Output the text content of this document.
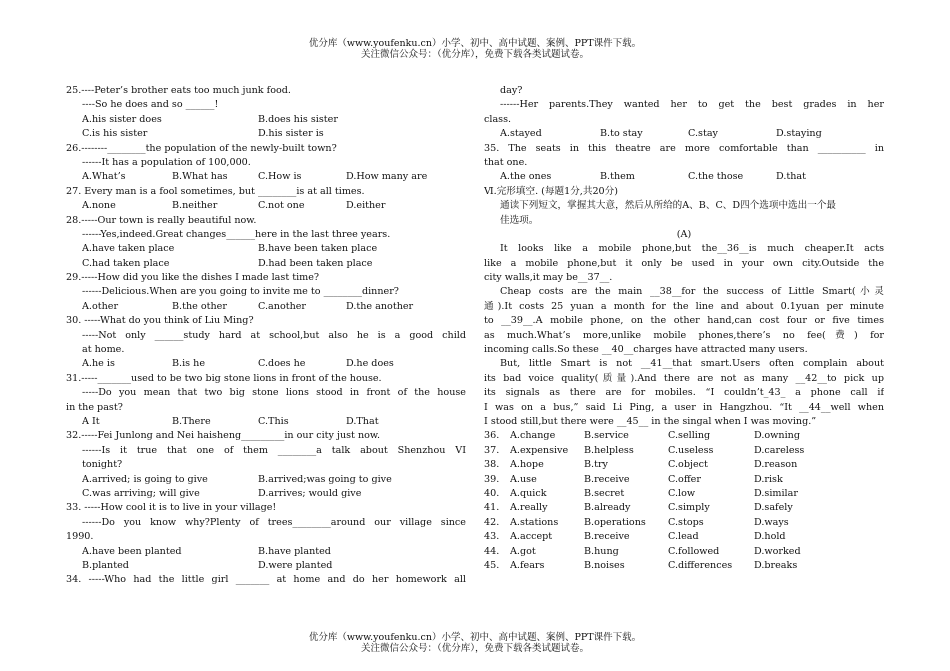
优分库（www.youfenku.cn）小学、初中、高中试题、案例、PPT课件下载。
关注微信公众号：（优分库），免费下载各类试题试卷。
25.----Peter’s brother eats too much junk food.
----So he does and so ______!
A.his sister does	B.does his sister
C.is his sister	D.his sister is
26.--------________the population of the newly-built town?
------It has a population of 100,000.
A.What’s	B.What has	C.How is	D.How many are
27. Every man is a fool sometimes, but ________is at all times.
A.none	B.neither	C.not one	D.either
28.-----Our town is really beautiful now.
------Yes,indeed.Great changes______here in the last three years.
A.have taken place	B.have been taken place
C.had taken place	D.had been taken place
29.-----How did you like the dishes I made last time?
------Delicious.When are you going to invite me to ________dinner?
A.other	B.the other	C.another	D.the another
30. -----What do you think of Liu Ming?
-----Not only ______study hard at school,but also he is a good child
at home.
A.he is	B.is he	C.does he	D.he does
31.-----_______used to be two big stone lions in front of the house.
-----Do you mean that two big stone lions stood in front of the house
in the past?
A It	B.There	C.This	D.That
32.-----Fei Junlong and Nei haisheng_________in our city just now.
------Is it true that one of them ________a talk about Shenzhou VI
tonight?
A.arrived; is going to give	B.arrived;was going to give
C.was arriving; will give	D.arrives; would give
33. -----How cool it is to live in your village!
------Do you know why?Plenty of trees________around our village since
1990.
A.have been planted	B.have planted
B.planted	D.were planted
34. -----Who had the little girl _______ at home and do her homework all
day?
------Her parents.They wanted her to get the best grades in her
class.
A.stayed	B.to stay	C.stay	D.staying
35. The seats in this theatre are more comfortable than __________ in
that one.
A.the ones	B.them	C.the those	D.that
Ⅵ.完形填空. (每题1分,共20分)
通读下列短文，掌握其大意，然后从所给的A、B、C、D四个选项中选出一个最
佳选项。
(A)
It looks like a mobile phone,but the__36__is much cheaper.It acts
like a mobile phone,but it only be used in your own city.Outside the
city walls,it may be__37__.
Cheap costs are the main __38__for the success of Little Smart(小灵
通).It costs 25 yuan a month for the line and about 0.1yuan per minute
to __39__.A mobile phone, on the other hand,can cost four or five times
as much.What’s more,unlike mobile phones,there’s no fee(费) for
incoming calls.So these __40__charges have attracted many users.
But, little Smart is not __41__that smart.Users often complain about
its bad voice quality(质量).And there are not as many __42__to pick up
its signals as there are for mobiles. “I couldn’t_43_ a phone call if
I was on a bus,” said Li Ping, a user in Hangzhou. “It __44__well when
I stood still,but there were __45__ in the singal when I was moving.”
36.	A.change	B.service	C.selling	D.owning
37.	A.expensive	B.helpless	C.useless	D.careless
38.	A.hope	B.try	C.object	D.reason
39.	A.use	B.receive	C.offer	D.risk
40.	A.quick	B.secret	C.low	D.similar
41.	A.really	B.already	C.simply	D.safely
42.	A.stations	B.operations	C.stops	D.ways
43.	A.accept	B.receive	C.lead	D.hold
44.	A.got	B.hung	C.followed	D.worked
45.	A.fears	B.noises	C.differences	D.breaks
优分库（www.youfenku.cn）小学、初中、高中试题、案例、PPT课件下载。
关注微信公众号：（优分库），免费下载各类试题试卷。
